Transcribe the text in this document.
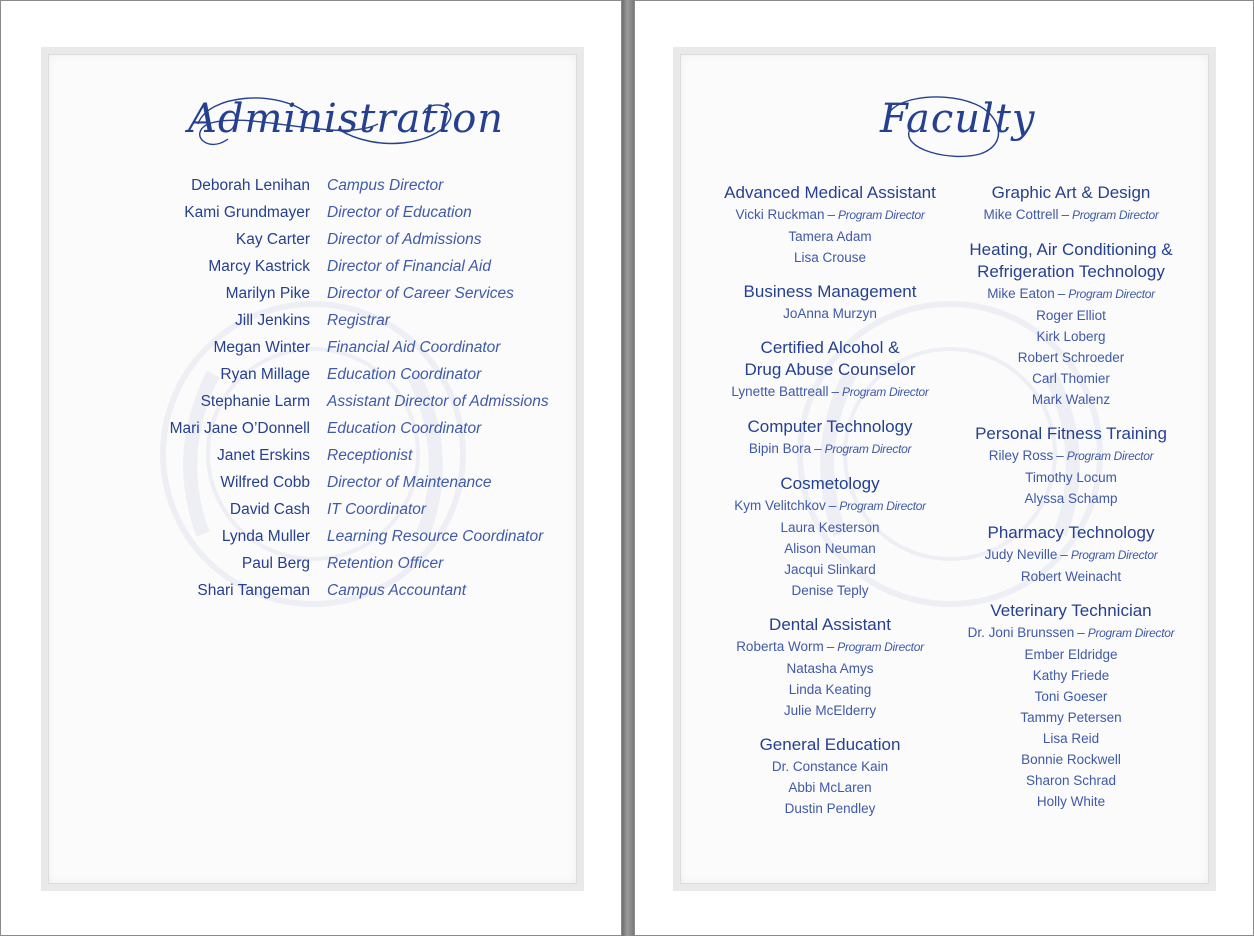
Administration
Deborah Lenihan Campus Director
Kami Grundmayer Director of Education
Kay Carter Director of Admissions
Marcy Kastrick Director of Financial Aid
Marilyn Pike Director of Career Services
Jill Jenkins Registrar
Megan Winter Financial Aid Coordinator
Ryan Millage Education Coordinator
Stephanie Larm Assistant Director of Admissions
Mari Jane O’Donnell Education Coordinator
Janet Erskins Receptionist
Wilfred Cobb Director of Maintenance
David Cash IT Coordinator
Lynda Muller Learning Resource Coordinator
Paul Berg Retention Officer
Shari Tangeman Campus Accountant
Faculty
Advanced Medical Assistant
Vicki Ruckman – Program Director
Tamera Adam
Lisa Crouse
Business Management
JoAnna Murzyn
Certified Alcohol &
Drug Abuse Counselor
Lynette Battreall – Program Director
Computer Technology
Bipin Bora – Program Director
Cosmetology
Kym Velitchkov – Program Director
Laura Kesterson
Alison Neuman
Jacqui Slinkard
Denise Teply
Dental Assistant
Roberta Worm – Program Director
Natasha Amys
Linda Keating
Julie McElderry
General Education
Dr. Constance Kain
Abbi McLaren
Dustin Pendley
Graphic Art & Design
Mike Cottrell – Program Director
Heating, Air Conditioning &
Refrigeration Technology
Mike Eaton – Program Director
Roger Elliot
Kirk Loberg
Robert Schroeder
Carl Thomier
Mark Walenz
Personal Fitness Training
Riley Ross – Program Director
Timothy Locum
Alyssa Schamp
Pharmacy Technology
Judy Neville – Program Director
Robert Weinacht
Veterinary Technician
Dr. Joni Brunssen – Program Director
Ember Eldridge
Kathy Friede
Toni Goeser
Tammy Petersen
Lisa Reid
Bonnie Rockwell
Sharon Schrad
Holly White
